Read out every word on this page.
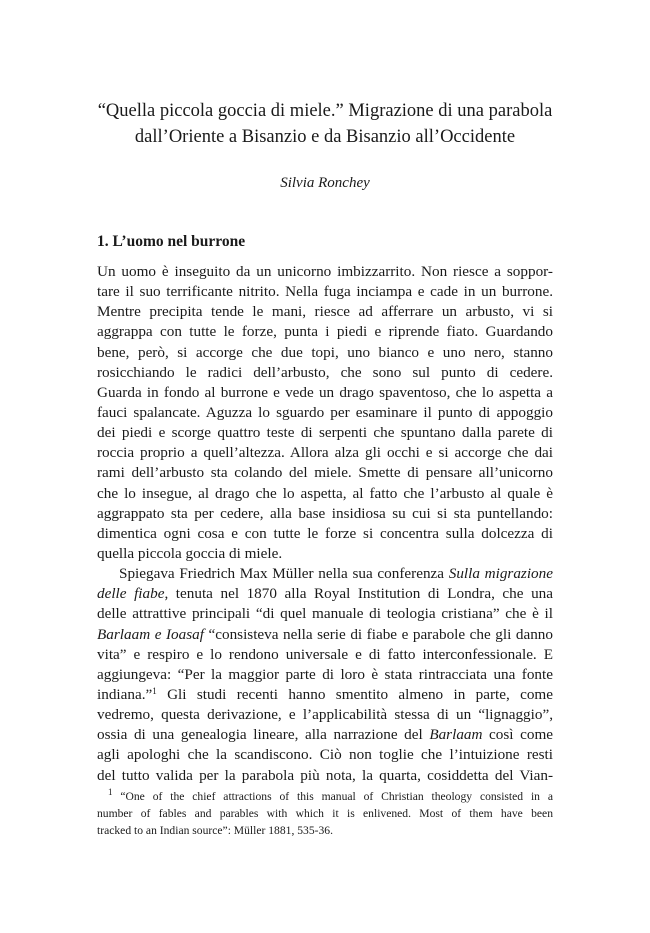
“Quella piccola goccia di miele.” Migrazione di una parabola
dall’Oriente a Bisanzio e da Bisanzio all’Occidente
Silvia Ronchey
1. L’uomo nel burrone
Un uomo è inseguito da un unicorno imbizzarrito. Non riesce a soppor-
tare il suo terrificante nitrito. Nella fuga inciampa e cade in un burrone.
Mentre precipita tende le mani, riesce ad afferrare un arbusto, vi si
aggrappa con tutte le forze, punta i piedi e riprende fiato. Guardando
bene, però, si accorge che due topi, uno bianco e uno nero, stanno
rosicchiando le radici dell’arbusto, che sono sul punto di cedere.
Guarda in fondo al burrone e vede un drago spaventoso, che lo aspetta a
fauci spalancate. Aguzza lo sguardo per esaminare il punto di appoggio
dei piedi e scorge quattro teste di serpenti che spuntano dalla parete di
roccia proprio a quell’altezza. Allora alza gli occhi e si accorge che dai
rami dell’arbusto sta colando del miele. Smette di pensare all’unicorno
che lo insegue, al drago che lo aspetta, al fatto che l’arbusto al quale è
aggrappato sta per cedere, alla base insidiosa su cui si sta puntellando:
dimentica ogni cosa e con tutte le forze si concentra sulla dolcezza di
quella piccola goccia di miele.
Spiegava Friedrich Max Müller nella sua conferenza Sulla migrazione
delle fiabe, tenuta nel 1870 alla Royal Institution di Londra, che una
delle attrattive principali “di quel manuale di teologia cristiana” che è il
Barlaam e Ioasaf “consisteva nella serie di fiabe e parabole che gli danno
vita” e respiro e lo rendono universale e di fatto interconfessionale. E
aggiungeva: “Per la maggior parte di loro è stata rintracciata una fonte
indiana.”$^1$ Gli studi recenti hanno smentito almeno in parte, come
vedremo, questa derivazione, e l’applicabilità stessa di un “lignaggio”,
ossia di una genealogia lineare, alla narrazione del Barlaam così come
agli apologhi che la scandiscono. Ciò non toglie che l’intuizione resti
del tutto valida per la parabola più nota, la quarta, cosiddetta del Vian-
$^1$ “One of the chief attractions of this manual of Christian theology consisted in a
number of fables and parables with which it is enlivened. Most of them have been
tracked to an Indian source”: Müller 1881, 535-36.
